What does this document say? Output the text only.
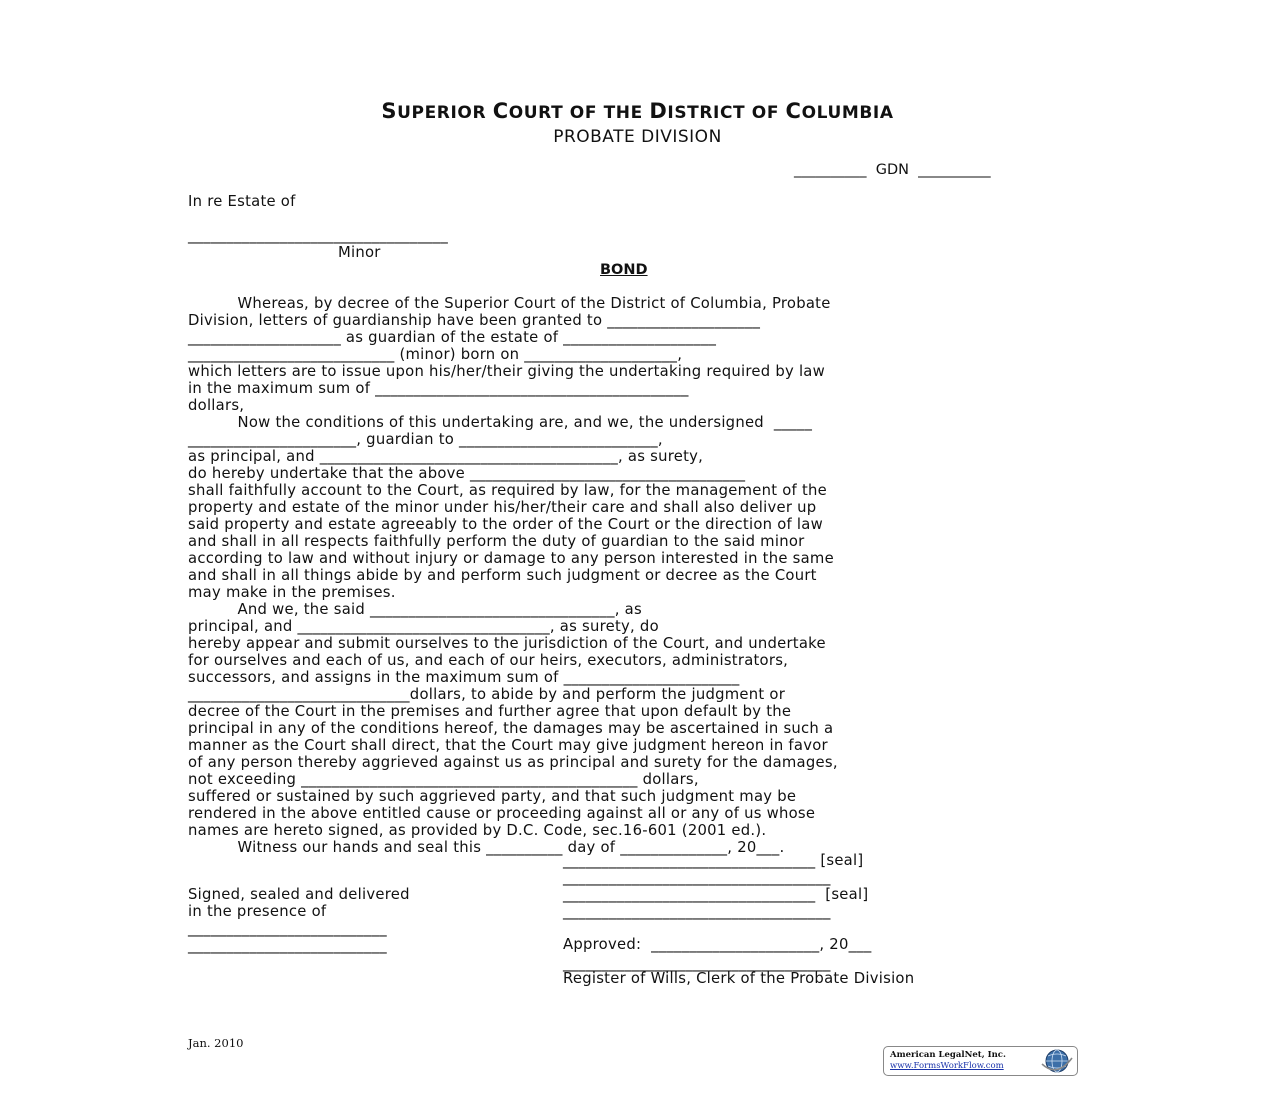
SUPERIOR COURT OF THE DISTRICT OF COLUMBIA
PROBATE DIVISION
__________  GDN  __________
In re Estate of
__________________________________
Minor
BOND
Whereas, by decree of the Superior Court of the District of Columbia, Probate
Division, letters of guardianship have been granted to ____________________
____________________ as guardian of the estate of ____________________
___________________________ (minor) born on ____________________,
which letters are to issue upon his/her/their giving the undertaking required by law
in the maximum sum of _________________________________________
dollars,
Now the conditions of this undertaking are, and we, the undersigned  _____
______________________, guardian to __________________________,
as principal, and _______________________________________, as surety,
do hereby undertake that the above ____________________________________
shall faithfully account to the Court, as required by law, for the management of the
property and estate of the minor under his/her/their care and shall also deliver up
said property and estate agreeably to the order of the Court or the direction of law
and shall in all respects faithfully perform the duty of guardian to the said minor
according to law and without injury or damage to any person interested in the same
and shall in all things abide by and perform such judgment or decree as the Court
may make in the premises.
And we, the said ________________________________, as
principal, and _________________________________, as surety, do
hereby appear and submit ourselves to the jurisdiction of the Court, and undertake
for ourselves and each of us, and each of our heirs, executors, administrators,
successors, and assigns in the maximum sum of _______________________
_____________________________dollars, to abide by and perform the judgment or
decree of the Court in the premises and further agree that upon default by the
principal in any of the conditions hereof, the damages may be ascertained in such a
manner as the Court shall direct, that the Court may give judgment hereon in favor
of any person thereby aggrieved against us as principal and surety for the damages,
not exceeding ____________________________________________ dollars,
suffered or sustained by such aggrieved party, and that such judgment may be
rendered in the above entitled cause or proceeding against all or any of us whose
names are hereto signed, as provided by D.C. Code, sec.16-601 (2001 ed.).
Witness our hands and seal this __________ day of ______________, 20___.
_________________________________ [seal]
___________________________________
_________________________________  [seal]
___________________________________
Signed, sealed and delivered
in the presence of
__________________________
__________________________	Approved:  ______________________, 20___
___________________________________
Register of Wills, Clerk of the Probate Division
Jan. 2010
American LegalNet, Inc.
www.FormsWorkFlow.com
